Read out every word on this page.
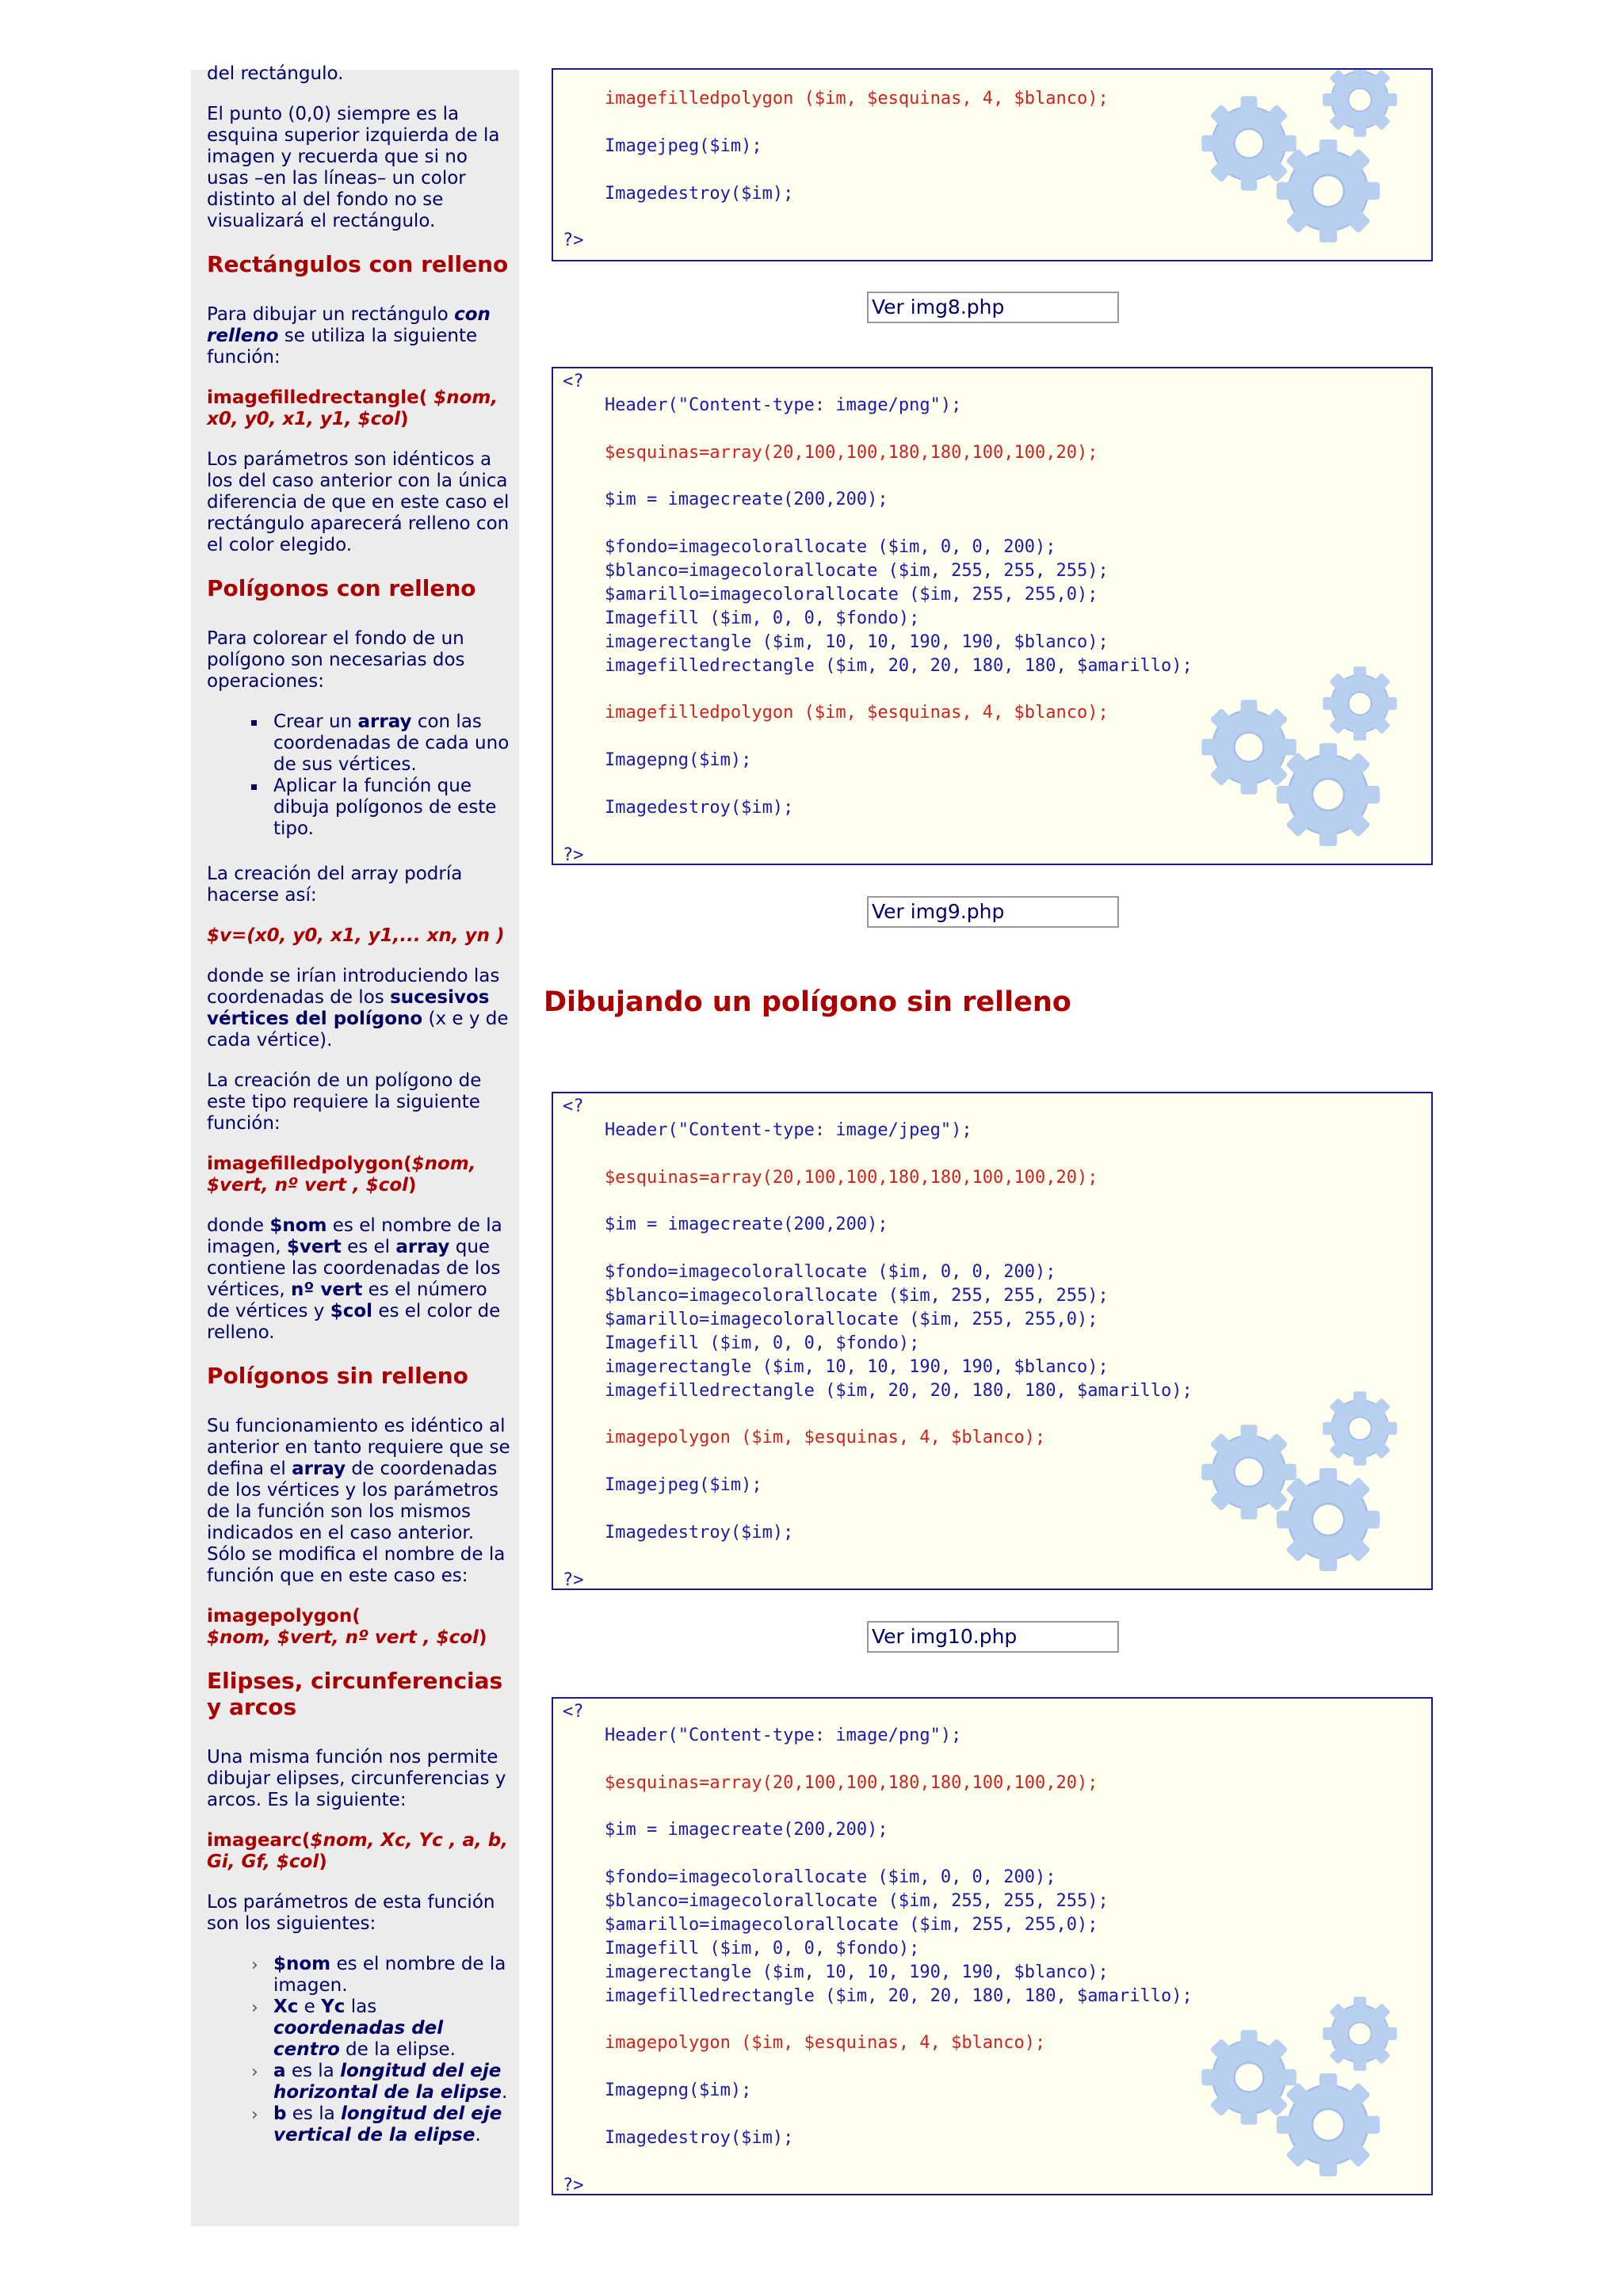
del rectángulo.

El punto (0,0) siempre es la esquina superior izquierda de la imagen y recuerda que si no usas –en las líneas– un color distinto al del fondo no se visualizará el rectángulo.

Rectángulos con relleno

Para dibujar un rectángulo con relleno se utiliza la siguiente función:

imagefilledrectangle( $nom, x0, y0, x1, y1, $col)

Los parámetros son idénticos a los del caso anterior con la única diferencia de que en este caso el rectángulo aparecerá relleno con el color elegido.

Polígonos con relleno

Para colorear el fondo de un polígono son necesarias dos operaciones:

Crear un array con las coordenadas de cada uno de sus vértices.
Aplicar la función que dibuja polígonos de este tipo.

La creación del array podría hacerse así:

$v=(x0, y0, x1, y1,... xn, yn )

donde se irían introduciendo las coordenadas de los sucesivos vértices del polígono (x e y de cada vértice).

La creación de un polígono de este tipo requiere la siguiente función:

imagefilledpolygon($nom, $vert, nº vert , $col)

donde $nom es el nombre de la imagen, $vert es el array que contiene las coordenadas de los vértices, nº vert es el número de vértices y $col es el color de relleno.

Polígonos sin relleno

Su funcionamiento es idéntico al anterior en tanto requiere que se defina el array de coordenadas de los vértices y los parámetros de la función son los mismos indicados en el caso anterior. Sólo se modifica el nombre de la función que en este caso es:

imagepolygon(
$nom, $vert, nº vert , $col)

Elipses, circunferencias y arcos

Una misma función nos permite dibujar elipses, circunferencias y arcos. Es la siguiente:

imagearc($nom, Xc, Yc , a, b, Gi, Gf, $col)

Los parámetros de esta función son los siguientes:

› $nom es el nombre de la imagen.
› Xc e Yc las coordenadas del centro de la elipse.
› a es la longitud del eje horizontal de la elipse.
› b es la longitud del eje vertical de la elipse.
imagefilledpolygon ($im, $esquinas, 4, $blanco);
Imagejpeg($im);
Imagedestroy($im);
?>
Ver img8.php
<?
Header("Content-type: image/png");
$esquinas=array(20,100,100,180,180,100,100,20);
$im = imagecreate(200,200);
$fondo=imagecolorallocate ($im, 0, 0, 200);
$blanco=imagecolorallocate ($im, 255, 255, 255);
$amarillo=imagecolorallocate ($im, 255, 255,0);
Imagefill ($im, 0, 0, $fondo);
imagerectangle ($im, 10, 10, 190, 190, $blanco);
imagefilledrectangle ($im, 20, 20, 180, 180, $amarillo);
imagefilledpolygon ($im, $esquinas, 4, $blanco);
Imagepng($im);
Imagedestroy($im);
?>
Ver img9.php
Dibujando un polígono sin relleno
<?
Header("Content-type: image/jpeg");
$esquinas=array(20,100,100,180,180,100,100,20);
$im = imagecreate(200,200);
$fondo=imagecolorallocate ($im, 0, 0, 200);
$blanco=imagecolorallocate ($im, 255, 255, 255);
$amarillo=imagecolorallocate ($im, 255, 255,0);
Imagefill ($im, 0, 0, $fondo);
imagerectangle ($im, 10, 10, 190, 190, $blanco);
imagefilledrectangle ($im, 20, 20, 180, 180, $amarillo);
imagepolygon ($im, $esquinas, 4, $blanco);
Imagejpeg($im);
Imagedestroy($im);
?>
Ver img10.php
<?
Header("Content-type: image/png");
$esquinas=array(20,100,100,180,180,100,100,20);
$im = imagecreate(200,200);
$fondo=imagecolorallocate ($im, 0, 0, 200);
$blanco=imagecolorallocate ($im, 255, 255, 255);
$amarillo=imagecolorallocate ($im, 255, 255,0);
Imagefill ($im, 0, 0, $fondo);
imagerectangle ($im, 10, 10, 190, 190, $blanco);
imagefilledrectangle ($im, 20, 20, 180, 180, $amarillo);
imagepolygon ($im, $esquinas, 4, $blanco);
Imagepng($im);
Imagedestroy($im);
?>
